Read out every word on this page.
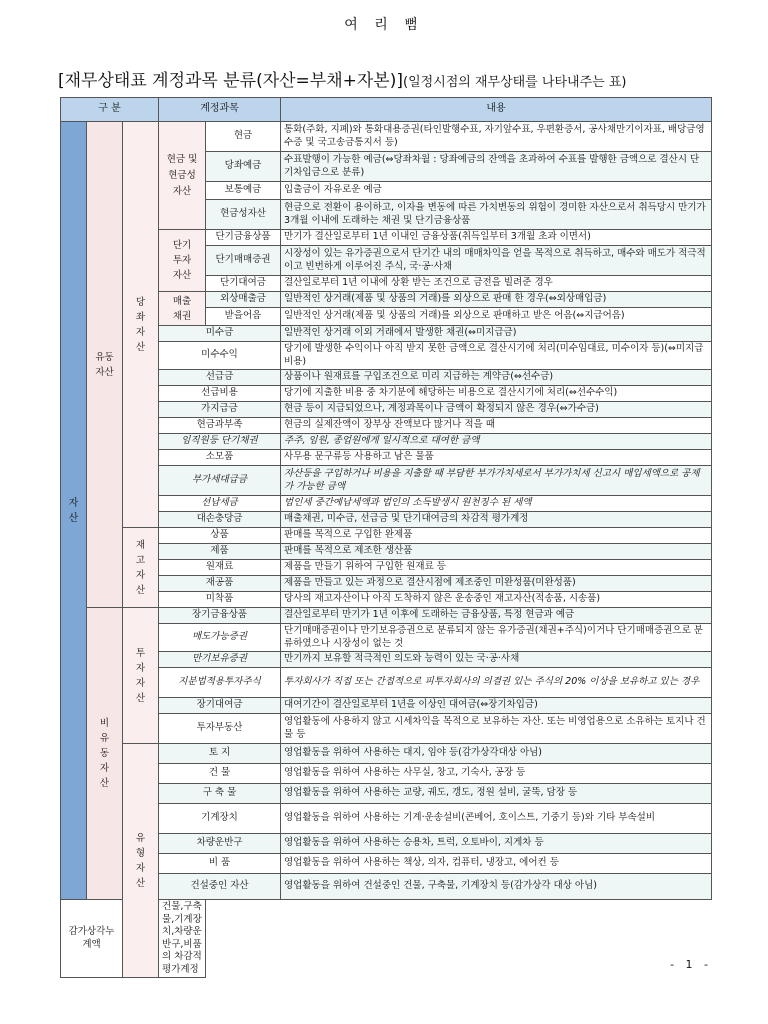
여 리 뻠
[재무상태표 계정과목 분류(자산=부채+자본)](일정시점의 재무상태를 나타내주는 표)
구 분			계정과목		내용
자산	유동자산	당좌자산	현금 및 현금성 자산	현금	통화(주화, 지폐)와 통화대용증권(타인발행수표, 자기앞수표, 우편환증서, 공사채만기이자표, 배당금영수증 및 국고송금통지서 등)
				당좌예금	수표발행이 가능한 예금(⇔당좌차월 : 당좌예금의 잔액을 초과하여 수표를 발행한 금액으로 결산시 단기차입금으로 분류)
				보통예금	입출금이 자유로운 예금
				현금성자산	현금으로 전환이 용이하고, 이자율 변동에 따른 가치변동의 위험이 경미한 자산으로서 취득당시 만기가 3개월 이내에 도래하는 채권 및 단기금융상품
			단기 투자 자산	단기금융상품	만기가 결산일로부터 1년 이내인 금융상품(취득일부터 3개월 초과 이면서)
				단기매매증권	시장성이 있는 유가증권으로서 단기간 내의 매매차익을 얻을 목적으로 취득하고, 매수와 매도가 적극적이고 빈번하게 이루어진 주식, 국·공·사채
				단기대여금	결산일로부터 1년 이내에 상환 받는 조건으로 금전을 빌려준 경우
			매출 채권	외상매출금	일반적인 상거래(제품 및 상품의 거래)를 외상으로 판매 한 경우(⇔외상매입금)
				받을어음	일반적인 상거래(제품 및 상품의 거래)를 외상으로 판매하고 받은 어음(⇔지급어음)
			미수금		일반적인 상거래 이외 거래에서 발생한 채권(⇔미지급금)
			미수수익		당기에 발생한 수익이나 아직 받지 못한 금액으로 결산시기에 처리(미수임대료, 미수이자 등)(⇔미지급비용)
			선급금		상품이나 원재료를 구입조건으로 미리 지급하는 계약금(⇔선수금)
			선급비용		당기에 지출한 비용 중 차기분에 해당하는 비용으로 결산시기에 처리(⇔선수수익)
			가지급금		현금 등이 지급되었으나, 계정과목이나 금액이 확정되지 않은 경우(⇔가수금)
			현금과부족		현금의 실제잔액이 장부상 잔액보다 많거나 적을 때
			임직원등 단기채권		주주, 임원, 종업원에게 일시적으로 대여한 금액
			소모품		사무용 문구류등 사용하고 남은 물품
			부가세대급금		자산등을 구입하거나 비용을 지출할 때 부담한 부가가치세로서 부가가치세 신고시 매입세액으로 공제가 가능한 금액
			선납세금		법인세 중간예납세액과 법인의 소득발생시 원천징수 된 세액
			대손충당금		매출채권, 미수금, 선급금 및 단기대여금의 차감적 평가계정
		재고자산	상품		판매를 목적으로 구입한 완제품
			제품		판매를 목적으로 제조한 생산품
			원재료		제품을 만들기 위하여 구입한 원재료 등
			재공품		제품을 만들고 있는 과정으로 결산시점에 제조중인 미완성품(미완성품)
			미착품		당사의 재고자산이나 아직 도착하지 않은 운송중인 재고자산(적송품, 시송품)
	비유동자산	투자자산	장기금융상품		결산일로부터 만기가 1년 이후에 도래하는 금융상품, 특정 현금과 예금
			매도가능증권		단기매매증권이나 만기보유증권으로 분류되지 않는 유가증권(채권+주식)이거나 단기매매증권으로 분류하였으나 시장성이 없는 것
			만기보유증권		만기까지 보유할 적극적인 의도와 능력이 있는 국·공·사채
			지분법적용투자주식		투자회사가 직접 또는 간접적으로 피투자회사의 의결권 있는 주식의 20% 이상을 보유하고 있는 경우
			장기대여금		대여기간이 결산일로부터 1년을 이상인 대여금(⇔장기차입금)
			투자부동산		영업활동에 사용하지 않고 시세차익을 목적으로 보유하는 자산. 또는 비영업용으로 소유하는 토지나 건물 등
		유형자산	토 지		영업활동을 위하여 사용하는 대지, 임야 등(감가상각대상 아님)
			건 물		영업활동을 위하여 사용하는 사무실, 창고, 기숙사, 공장 등
			구 축 물		영업활동을 위하여 사용하는 교량, 궤도, 갱도, 정원 설비, 굴뚝, 담장 등
			기계장치		영업활동을 위하여 사용하는 기계·운송설비(콘베어, 호이스트, 기중기 등)와 기타 부속설비
			차량운반구		영업활동을 위하여 사용하는 승용차, 트럭, 오토바이, 지게차 등
			비 품		영업활동을 위하여 사용하는 책상, 의자, 컴퓨터, 냉장고, 에어컨 등
			건설중인 자산		영업활동을 위하여 건설중인 건물, 구축물, 기계장치 등(감가상각 대상 아님)
감가상각누계액			건물,구축물,기계장치,차량운반구,비품의 차감적 평가계정			- 1 -
